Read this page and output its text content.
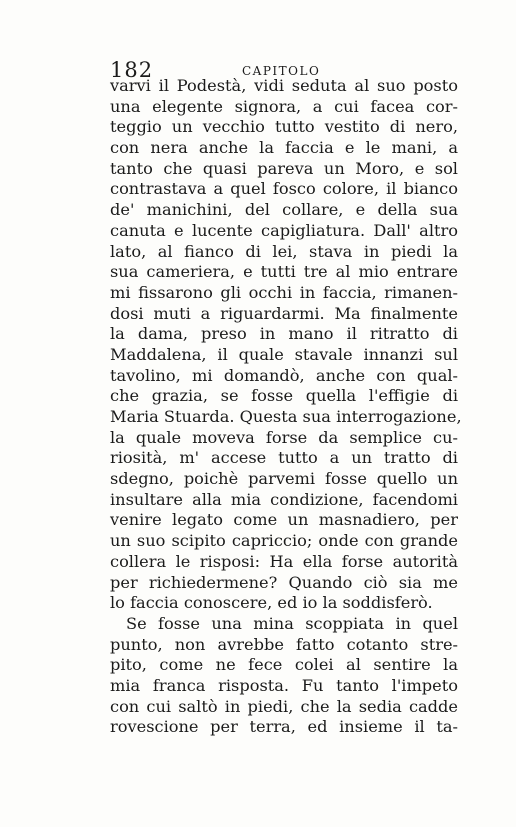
182	CAPITOLO
varvi il Podestà, vidi seduta al suo posto
una elegente signora, a cui facea cor-
teggio un vecchio tutto vestito di nero,
con nera anche la faccia e le mani, a
tanto che quasi pareva un Moro, e sol
contrastava a quel fosco colore, il bianco
de' manichini, del collare, e della sua
canuta e lucente capigliatura. Dall' altro
lato, al fianco di lei, stava in piedi la
sua cameriera, e tutti tre al mio entrare
mi fissarono gli occhi in faccia, rimanen-
dosi muti a riguardarmi. Ma finalmente
la dama, preso in mano il ritratto di
Maddalena, il quale stavale innanzi sul
tavolino, mi domandò, anche con qual-
che grazia, se fosse quella l'effigie di
Maria Stuarda. Questa sua interrogazione,
la quale moveva forse da semplice cu-
riosità, m' accese tutto a un tratto di
sdegno, poichè parvemi fosse quello un
insultare alla mia condizione, facendomi
venire legato come un masnadiero, per
un suo scipito capriccio; onde con grande
collera le risposi: Ha ella forse autorità
per richiedermene? Quando ciò sia me
lo faccia conoscere, ed io la soddisferò.
Se fosse una mina scoppiata in quel
punto, non avrebbe fatto cotanto stre-
pito, come ne fece colei al sentire la
mia franca risposta. Fu tanto l'impeto
con cui saltò in piedi, che la sedia cadde
rovescione per terra, ed insieme il ta-
